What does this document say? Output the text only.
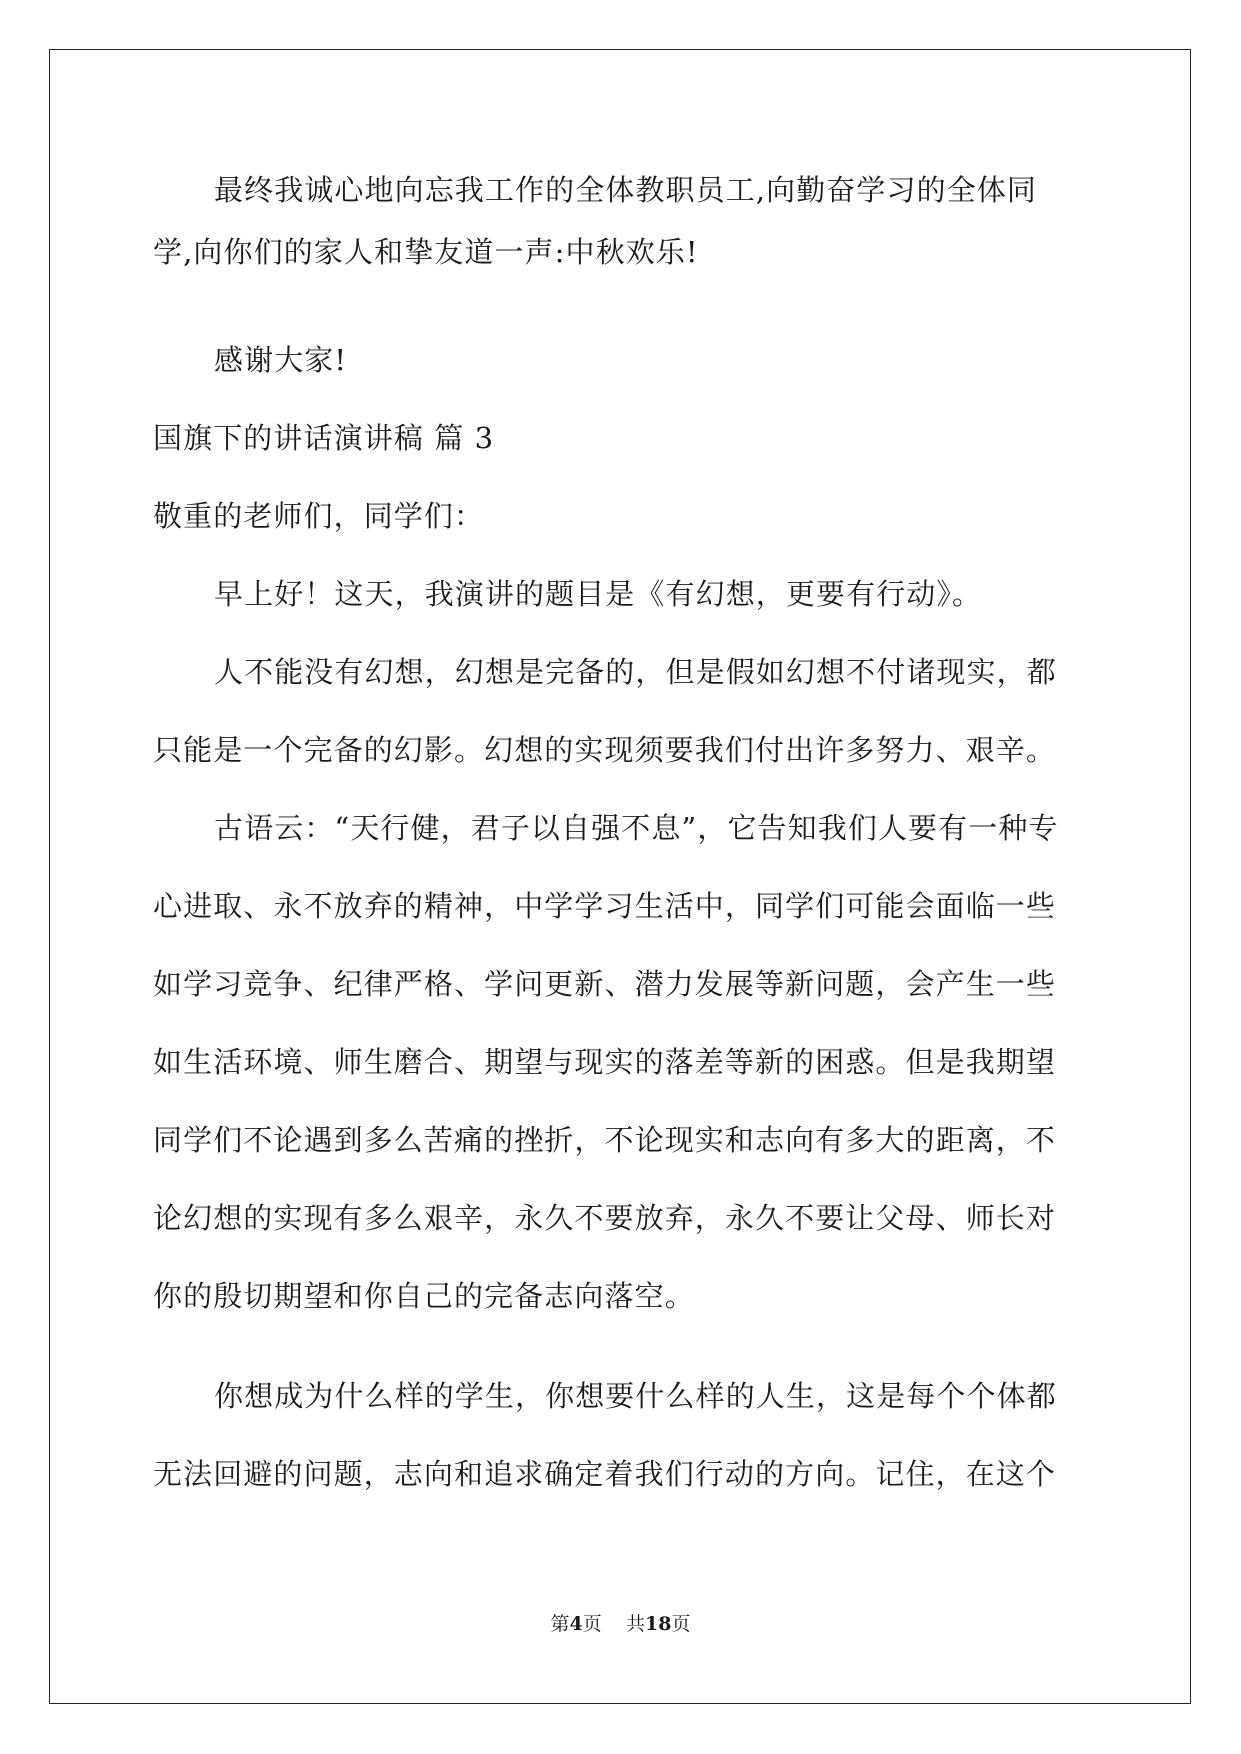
最终我诚心地向忘我工作的全体教职员工,向勤奋学习的全体同
学,向你们的家人和挚友道一声:中秋欢乐!
感谢大家!
国旗下的讲话演讲稿 篇 3
敬重的老师们，同学们：
早上好！这天，我演讲的题目是《有幻想，更要有行动》。
人不能没有幻想，幻想是完备的，但是假如幻想不付诸现实，都
只能是一个完备的幻影。幻想的实现须要我们付出许多努力、艰辛。
古语云：“天行健，君子以自强不息”，它告知我们人要有一种专
心进取、永不放弃的精神，中学学习生活中，同学们可能会面临一些
如学习竞争、纪律严格、学问更新、潜力发展等新问题，会产生一些
如生活环境、师生磨合、期望与现实的落差等新的困惑。但是我期望
同学们不论遇到多么苦痛的挫折，不论现实和志向有多大的距离，不
论幻想的实现有多么艰辛，永久不要放弃，永久不要让父母、师长对
你的殷切期望和你自己的完备志向落空。
你想成为什么样的学生，你想要什么样的人生，这是每个个体都
无法回避的问题，志向和追求确定着我们行动的方向。记住，在这个
第4页 共18页
